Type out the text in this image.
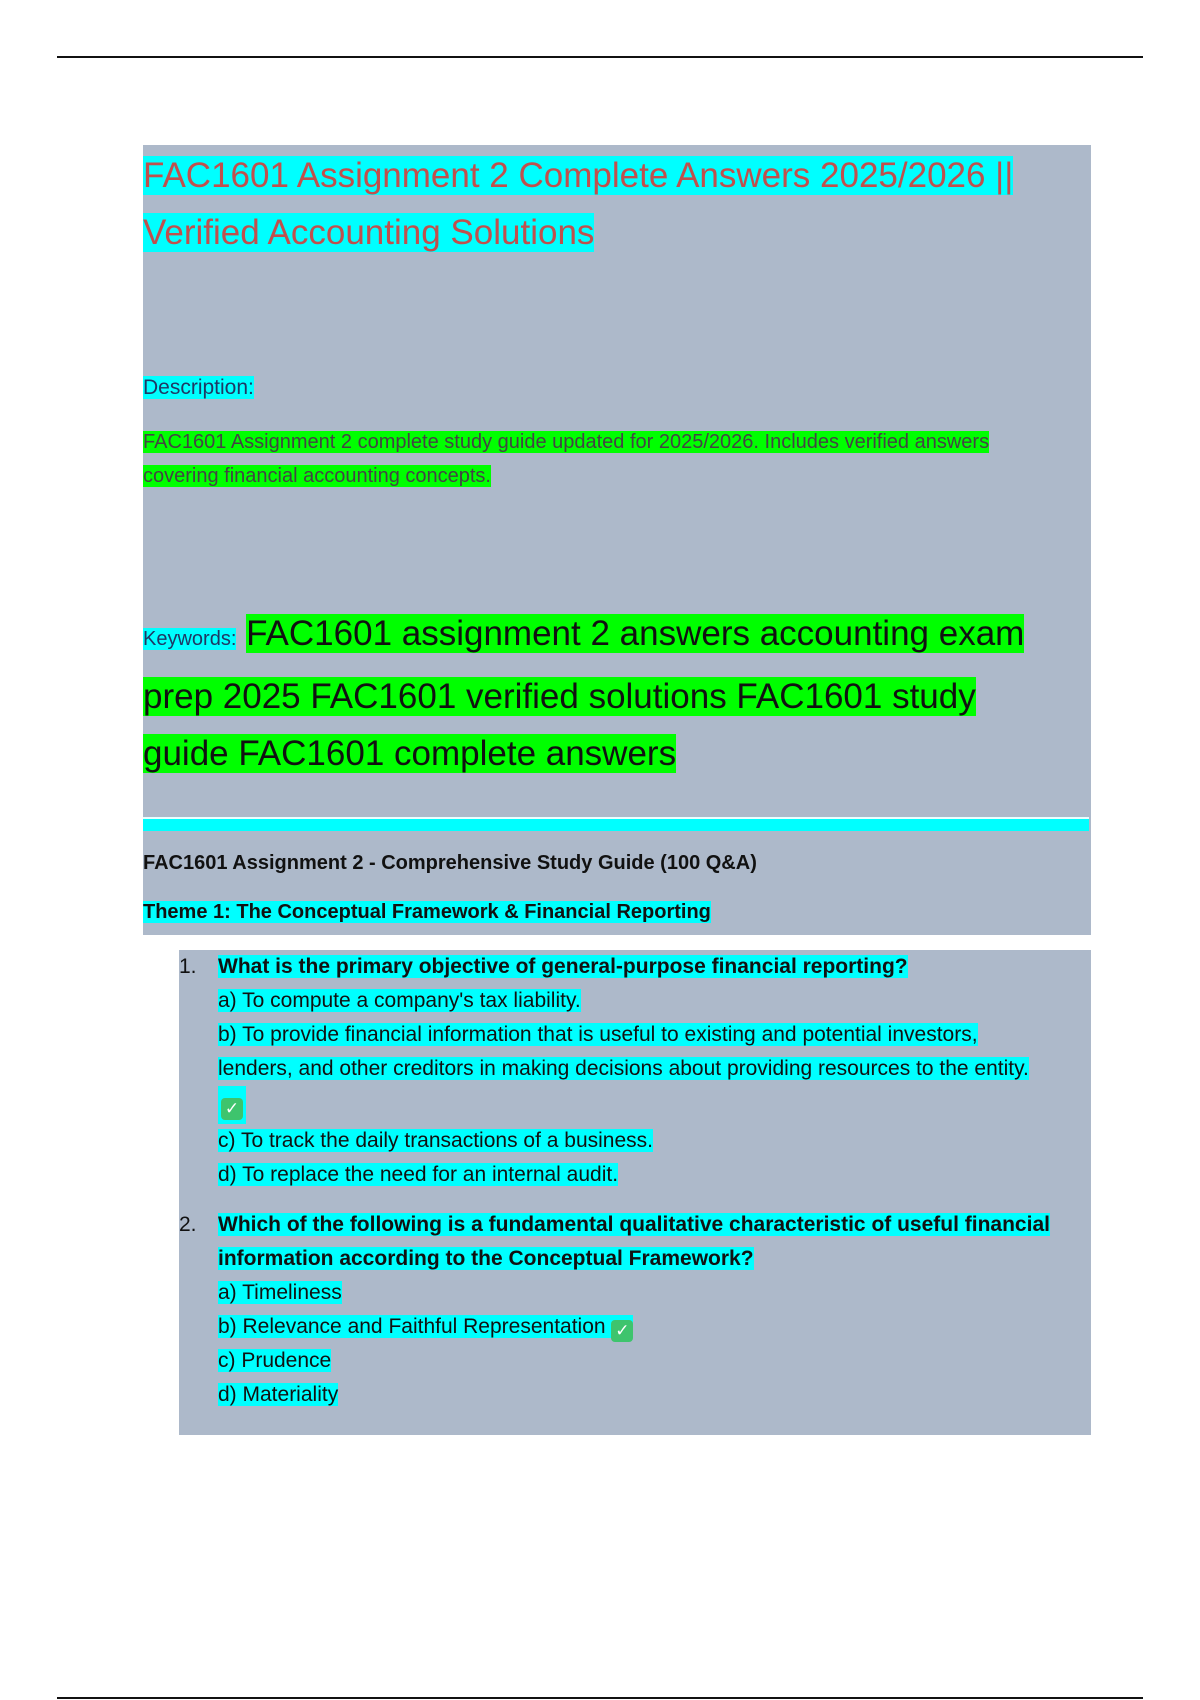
FAC1601 Assignment 2 Complete Answers 2025/2026 ||
Verified Accounting Solutions
Description:
FAC1601 Assignment 2 complete study guide updated for 2025/2026. Includes verified answers
covering financial accounting concepts.
Keywords: FAC1601 assignment 2 answers accounting exam
prep 2025 FAC1601 verified solutions FAC1601 study
guide FAC1601 complete answers
FAC1601 Assignment 2 - Comprehensive Study Guide (100 Q&A)
Theme 1: The Conceptual Framework & Financial Reporting
1.	What is the primary objective of general-purpose financial reporting?
a) To compute a company's tax liability.
b) To provide financial information that is useful to existing and potential investors,
lenders, and other creditors in making decisions about providing resources to the entity.
✓
c) To track the daily transactions of a business.
d) To replace the need for an internal audit.
2.	Which of the following is a fundamental qualitative characteristic of useful financial
information according to the Conceptual Framework?
a) Timeliness
b) Relevance and Faithful Representation ✓
c) Prudence
d) Materiality
